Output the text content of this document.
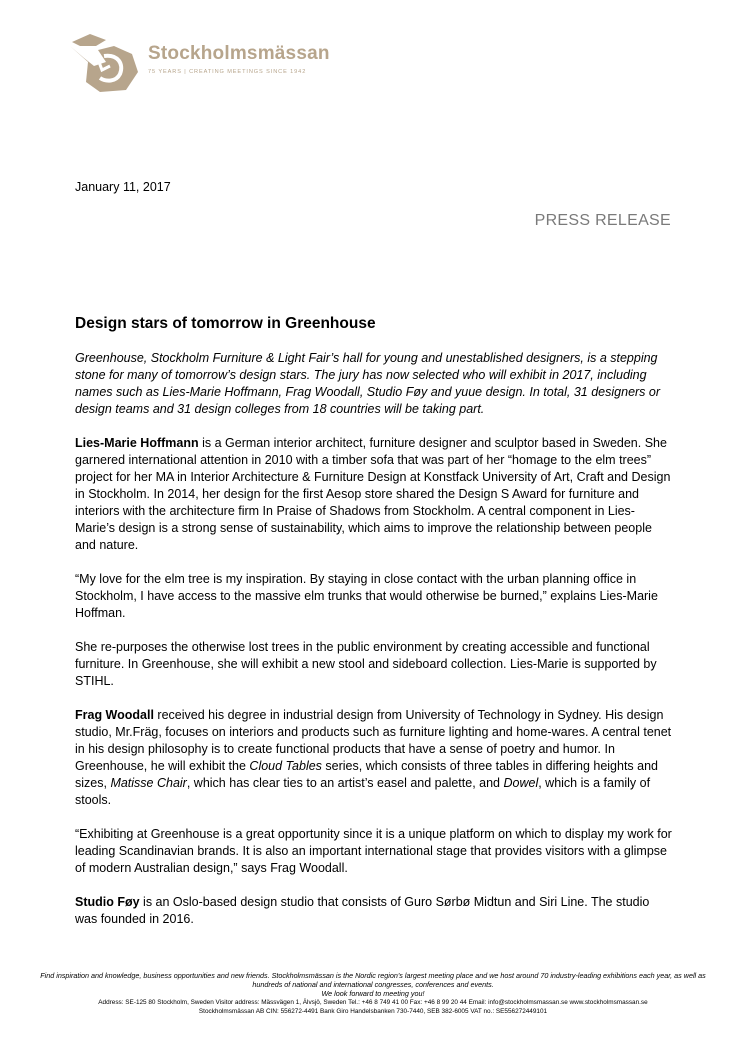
Stockholmsmässan
75 YEARS | CREATING MEETINGS SINCE 1942
January 11, 2017
PRESS RELEASE
Design stars of tomorrow in Greenhouse

Greenhouse, Stockholm Furniture & Light Fair’s hall for young and unestablished designers, is a stepping stone for many of tomorrow’s design stars. The jury has now selected who will exhibit in 2017, including names such as Lies-Marie Hoffmann, Frag Woodall, Studio Føy and yuue design. In total, 31 designers or design teams and 31 design colleges from 18 countries will be taking part.

Lies-Marie Hoffmann is a German interior architect, furniture designer and sculptor based in Sweden. She garnered international attention in 2010 with a timber sofa that was part of her “homage to the elm trees” project for her MA in Interior Architecture & Furniture Design at Konstfack University of Art, Craft and Design in Stockholm. In 2014, her design for the first Aesop store shared the Design S Award for furniture and interiors with the architecture firm In Praise of Shadows from Stockholm. A central component in Lies-Marie’s design is a strong sense of sustainability, which aims to improve the relationship between people and nature.

“My love for the elm tree is my inspiration. By staying in close contact with the urban planning office in Stockholm, I have access to the massive elm trunks that would otherwise be burned,” explains Lies-Marie Hoffman.

She re-purposes the otherwise lost trees in the public environment by creating accessible and functional furniture. In Greenhouse, she will exhibit a new stool and sideboard collection. Lies-Marie is supported by STIHL.

Frag Woodall received his degree in industrial design from University of Technology in Sydney. His design studio, Mr.Fräg, focuses on interiors and products such as furniture lighting and home-wares. A central tenet in his design philosophy is to create functional products that have a sense of poetry and humor. In Greenhouse, he will exhibit the Cloud Tables series, which consists of three tables in differing heights and sizes, Matisse Chair, which has clear ties to an artist’s easel and palette, and Dowel, which is a family of stools.

“Exhibiting at Greenhouse is a great opportunity since it is a unique platform on which to display my work for leading Scandinavian brands. It is also an important international stage that provides visitors with a glimpse of modern Australian design,” says Frag Woodall.

Studio Føy is an Oslo-based design studio that consists of Guro Sørbø Midtun and Siri Line. The studio was founded in 2016.

Find inspiration and knowledge, business opportunities and new friends. Stockholmsmässan is the Nordic region’s largest meeting place and we host around 70 industry-leading exhibitions each year, as well as hundreds of national and international congresses, conferences and events.
We look forward to meeting you!
Address: SE-125 80 Stockholm, Sweden Visitor address: Mässvägen 1, Älvsjö, Sweden Tel.: +46 8 749 41 00 Fax: +46 8 99 20 44 Email: info@stockholmsmassan.se www.stockholmsmassan.se
Stockholmsmässan AB CIN: 556272-4491 Bank Giro Handelsbanken 730-7440, SEB 382-6005 VAT no.: SE556272449101
